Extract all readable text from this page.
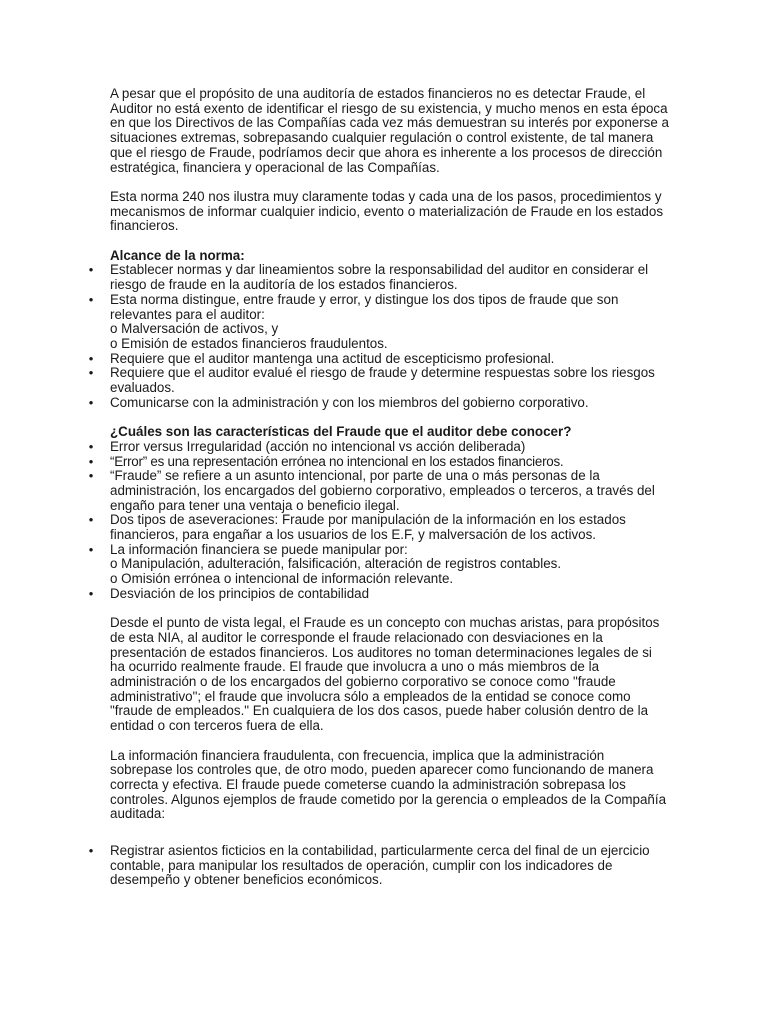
A pesar que el propósito de una auditoría de estados financieros no es detectar Fraude, el Auditor no está exento de identificar el riesgo de su existencia, y mucho menos en esta época en que los Directivos de las Compañías cada vez más demuestran su interés por exponerse a situaciones extremas, sobrepasando cualquier regulación o control existente, de tal manera que el riesgo de Fraude, podríamos decir que ahora es inherente a los procesos de dirección estratégica, financiera y operacional de las Compañías.

Esta norma 240 nos ilustra muy claramente todas y cada una de los pasos, procedimientos y mecanismos de informar cualquier indicio, evento o materialización de Fraude en los estados financieros.

Alcance de la norma:

• Establecer normas y dar lineamientos sobre la responsabilidad del auditor en considerar el riesgo de fraude en la auditoría de los estados financieros.
• Esta norma distingue, entre fraude y error, y distingue los dos tipos de fraude que son relevantes para el auditor:
o Malversación de activos, y
o Emisión de estados financieros fraudulentos.
• Requiere que el auditor mantenga una actitud de escepticismo profesional.
• Requiere que el auditor evalué el riesgo de fraude y determine respuestas sobre los riesgos evaluados.
• Comunicarse con la administración y con los miembros del gobierno corporativo.

¿Cuáles son las características del Fraude que el auditor debe conocer?

• Error versus Irregularidad (acción no intencional vs acción deliberada)
• “Error” es una representación errónea no intencional en los estados financieros.
• “Fraude” se refiere a un asunto intencional, por parte de una o más personas de la administración, los encargados del gobierno corporativo, empleados o terceros, a través del engaño para tener una ventaja o beneficio ilegal.
• Dos tipos de aseveraciones: Fraude por manipulación de la información en los estados financieros, para engañar a los usuarios de los E.F, y malversación de los activos.
• La información financiera se puede manipular por:
o Manipulación, adulteración, falsificación, alteración de registros contables.
o Omisión errónea o intencional de información relevante.
• Desviación de los principios de contabilidad

Desde el punto de vista legal, el Fraude es un concepto con muchas aristas, para propósitos de esta NIA, al auditor le corresponde el fraude relacionado con desviaciones en la presentación de estados financieros. Los auditores no toman determinaciones legales de si ha ocurrido realmente fraude. El fraude que involucra a uno o más miembros de la administración o de los encargados del gobierno corporativo se conoce como "fraude administrativo"; el fraude que involucra sólo a empleados de la entidad se conoce como "fraude de empleados." En cualquiera de los dos casos, puede haber colusión dentro de la entidad o con terceros fuera de ella.

La información financiera fraudulenta, con frecuencia, implica que la administración sobrepase los controles que, de otro modo, pueden aparecer como funcionando de manera correcta y efectiva. El fraude puede cometerse cuando la administración sobrepasa los controles. Algunos ejemplos de fraude cometido por la gerencia o empleados de la Compañía auditada:

• Registrar asientos ficticios en la contabilidad, particularmente cerca del final de un ejercicio contable, para manipular los resultados de operación, cumplir con los indicadores de desempeño y obtener beneficios económicos.
